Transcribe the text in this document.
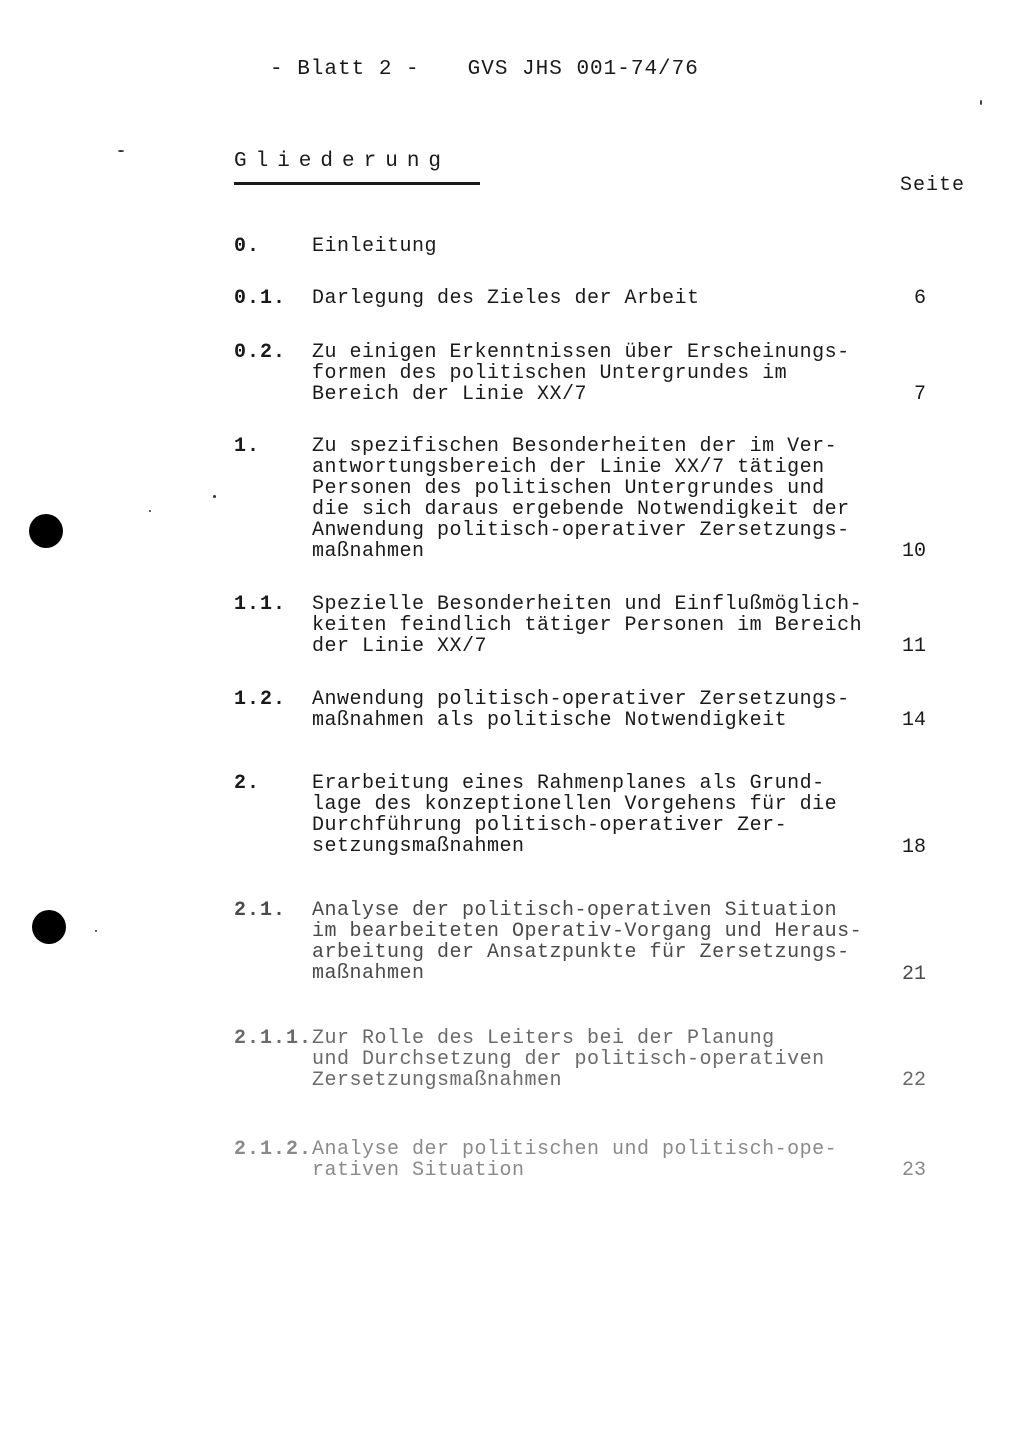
- Blatt 2 - GVS JHS 001-74/76
Gliederung
Seite
0.	Einleitung
0.1. Darlegung des Zieles der Arbeit	6
0.2. Zu einigen Erkenntnissen über Erscheinungs-
formen des politischen Untergrundes im
Bereich der Linie XX/7	7
1.	Zu spezifischen Besonderheiten der im Ver-
antwortungsbereich der Linie XX/7 tätigen
Personen des politischen Untergrundes und
die sich daraus ergebende Notwendigkeit der
Anwendung politisch-operativer Zersetzungs-
maßnahmen	10
1.1. Spezielle Besonderheiten und Einflußmöglich-
keiten feindlich tätiger Personen im Bereich
der Linie XX/7	11
1.2. Anwendung politisch-operativer Zersetzungs-
maßnahmen als politische Notwendigkeit	14
2.	Erarbeitung eines Rahmenplanes als Grund-
lage des konzeptionellen Vorgehens für die
Durchführung politisch-operativer Zer-
setzungsmaßnahmen	18
2.1. Analyse der politisch-operativen Situation
im bearbeiteten Operativ-Vorgang und Heraus-
arbeitung der Ansatzpunkte für Zersetzungs-
maßnahmen	21
2.1.1. Zur Rolle des Leiters bei der Planung
und Durchsetzung der politisch-operativen
Zersetzungsmaßnahmen	22
2.1.2. Analyse der politischen und politisch-ope-
rativen Situation	23
